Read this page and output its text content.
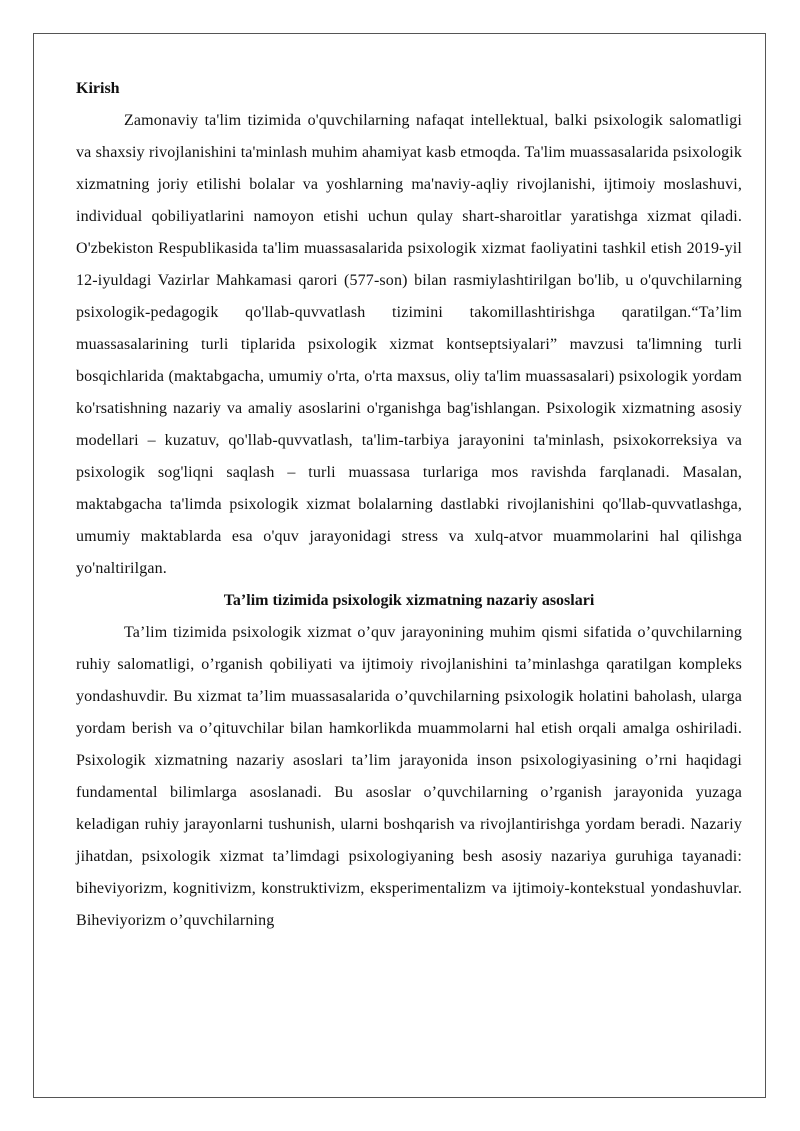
Kirish

Zamonaviy ta'lim tizimida o'quvchilarning nafaqat intellektual, balki psixologik salomatligi va shaxsiy rivojlanishini ta'minlash muhim ahamiyat kasb etmoqda. Ta'lim muassasalarida psixologik xizmatning joriy etilishi bolalar va yoshlarning ma'naviy-aqliy rivojlanishi, ijtimoiy moslashuvi, individual qobiliyatlarini namoyon etishi uchun qulay shart-sharoitlar yaratishga xizmat qiladi. O'zbekiston Respublikasida ta'lim muassasalarida psixologik xizmat faoliyatini tashkil etish 2019-yil 12-iyuldagi Vazirlar Mahkamasi qarori (577-son) bilan rasmiylashtirilgan bo'lib, u o'quvchilarning psixologik-pedagogik qo'llab-quvvatlash tizimini takomillashtirishga qaratilgan.“Ta’lim muassasalarining turli tiplarida psixologik xizmat kontseptsiyalari” mavzusi ta'limning turli bosqichlarida (maktabgacha, umumiy o'rta, o'rta maxsus, oliy ta'lim muassasalari) psixologik yordam ko'rsatishning nazariy va amaliy asoslarini o'rganishga bag'ishlangan. Psixologik xizmatning asosiy modellari – kuzatuv, qo'llab-quvvatlash, ta'lim-tarbiya jarayonini ta'minlash, psixokorreksiya va psixologik sog'liqni saqlash – turli muassasa turlariga mos ravishda farqlanadi. Masalan, maktabgacha ta'limda psixologik xizmat bolalarning dastlabki rivojlanishini qo'llab-quvvatlashga, umumiy maktablarda esa o'quv jarayonidagi stress va xulq-atvor muammolarini hal qilishga yo'naltirilgan.

Ta’lim tizimida psixologik xizmatning nazariy asoslari

Ta’lim tizimida psixologik xizmat o’quv jarayonining muhim qismi sifatida o’quvchilarning ruhiy salomatligi, o’rganish qobiliyati va ijtimoiy rivojlanishini ta’minlashga qaratilgan kompleks yondashuvdir. Bu xizmat ta’lim muassasalarida o’quvchilarning psixologik holatini baholash, ularga yordam berish va o’qituvchilar bilan hamkorlikda muammolarni hal etish orqali amalga oshiriladi. Psixologik xizmatning nazariy asoslari ta’lim jarayonida inson psixologiyasining o’rni haqidagi fundamental bilimlarga asoslanadi. Bu asoslar o’quvchilarning o’rganish jarayonida yuzaga keladigan ruhiy jarayonlarni tushunish, ularni boshqarish va rivojlantirishga yordam beradi. Nazariy jihatdan, psixologik xizmat ta’limdagi psixologiyaning besh asosiy nazariya guruhiga tayanadi: biheviyorizm, kognitivizm, konstruktivizm, eksperimentalizm va ijtimoiy-kontekstual yondashuvlar. Biheviyorizm o’quvchilarning
